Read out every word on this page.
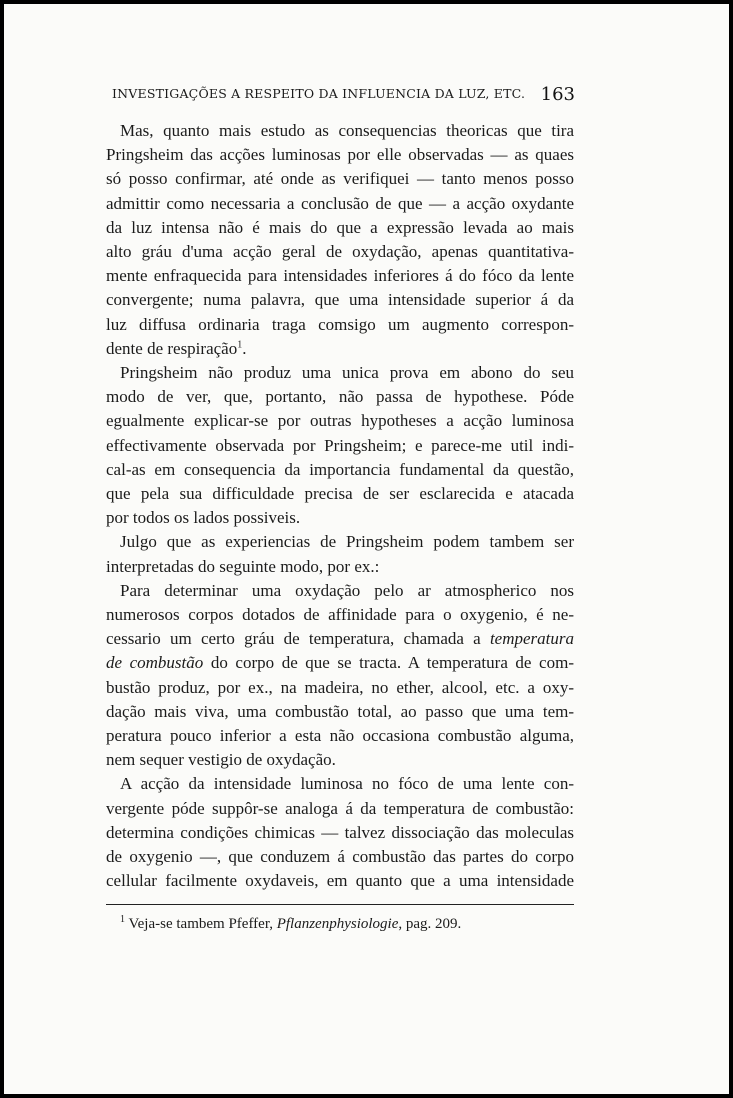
INVESTIGAÇÕES A RESPEITO DA INFLUENCIA DA LUZ, ETC. 163
Mas, quanto mais estudo as consequencias theoricas que tira
Pringsheim das acções luminosas por elle observadas — as quaes
só posso confirmar, até onde as verifiquei — tanto menos posso
admittir como necessaria a conclusão de que — a acção oxydante
da luz intensa não é mais do que a expressão levada ao mais
alto gráu d'uma acção geral de oxydação, apenas quantitativa-
mente enfraquecida para intensidades inferiores á do fóco da lente
convergente; numa palavra, que uma intensidade superior á da
luz diffusa ordinaria traga comsigo um augmento correspon-
dente de respiração$^1$.
Pringsheim não produz uma unica prova em abono do seu
modo de ver, que, portanto, não passa de hypothese. Póde
egualmente explicar-se por outras hypotheses a acção luminosa
effectivamente observada por Pringsheim; e parece-me util indi-
cal-as em consequencia da importancia fundamental da questão,
que pela sua difficuldade precisa de ser esclarecida e atacada
por todos os lados possiveis.
Julgo que as experiencias de Pringsheim podem tambem ser
interpretadas do seguinte modo, por ex.:
Para determinar uma oxydação pelo ar atmospherico nos
numerosos corpos dotados de affinidade para o oxygenio, é ne-
cessario um certo gráu de temperatura, chamada a temperatura
de combustão do corpo de que se tracta. A temperatura de com-
bustão produz, por ex., na madeira, no ether, alcool, etc. a oxy-
dação mais viva, uma combustão total, ao passo que uma tem-
peratura pouco inferior a esta não occasiona combustão alguma,
nem sequer vestigio de oxydação.
A acção da intensidade luminosa no fóco de uma lente con-
vergente póde suppôr-se analoga á da temperatura de combustão:
determina condições chimicas — talvez dissociação das moleculas
de oxygenio —, que conduzem á combustão das partes do corpo
cellular facilmente oxydaveis, em quanto que a uma intensidade
$^1$ Veja-se tambem Pfeffer, Pflanzenphysiologie, pag. 209.
